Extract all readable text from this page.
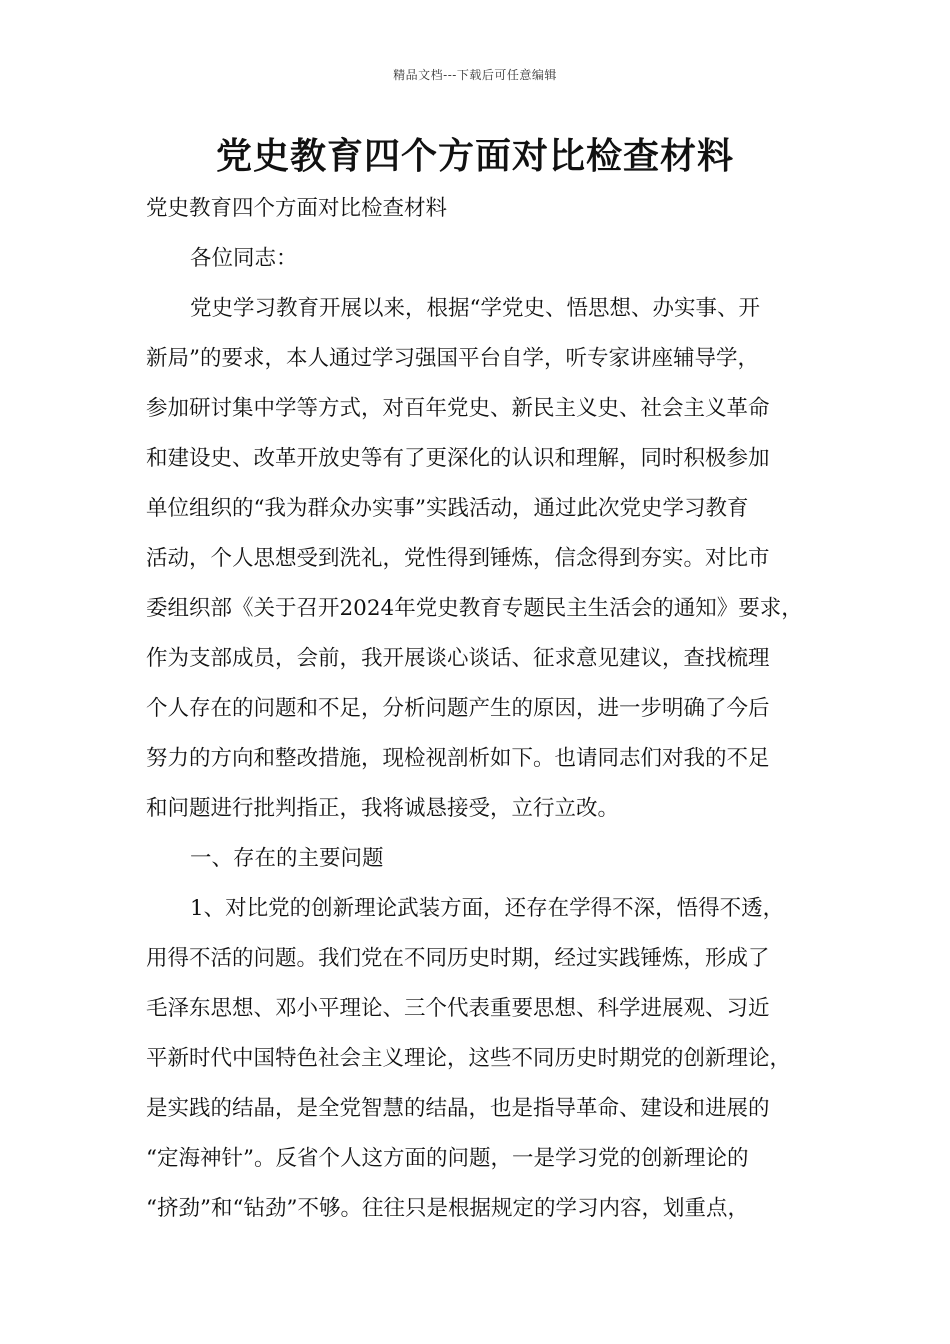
精品文档---下载后可任意编辑
党史教育四个方面对比检查材料
党史教育四个方面对比检查材料
各位同志：
党史学习教育开展以来，根据“学党史、悟思想、办实事、开
新局”的要求，本人通过学习强国平台自学，听专家讲座辅导学，
参加研讨集中学等方式，对百年党史、新民主义史、社会主义革命
和建设史、改革开放史等有了更深化的认识和理解，同时积极参加
单位组织的“我为群众办实事”实践活动，通过此次党史学习教育
活动，个人思想受到洗礼，党性得到锤炼，信念得到夯实。对比市
委组织部《关于召开2024年党史教育专题民主生活会的通知》要求，
作为支部成员，会前，我开展谈心谈话、征求意见建议，查找梳理
个人存在的问题和不足，分析问题产生的原因，进一步明确了今后
努力的方向和整改措施，现检视剖析如下。也请同志们对我的不足
和问题进行批判指正，我将诚恳接受，立行立改。
一、存在的主要问题
1、对比党的创新理论武装方面，还存在学得不深，悟得不透，
用得不活的问题。我们党在不同历史时期，经过实践锤炼，形成了
毛泽东思想、邓小平理论、三个代表重要思想、科学进展观、习近
平新时代中国特色社会主义理论，这些不同历史时期党的创新理论，
是实践的结晶，是全党智慧的结晶，也是指导革命、建设和进展的
“定海神针”。反省个人这方面的问题，一是学习党的创新理论的
“挤劲”和“钻劲”不够。往往只是根据规定的学习内容，划重点，
